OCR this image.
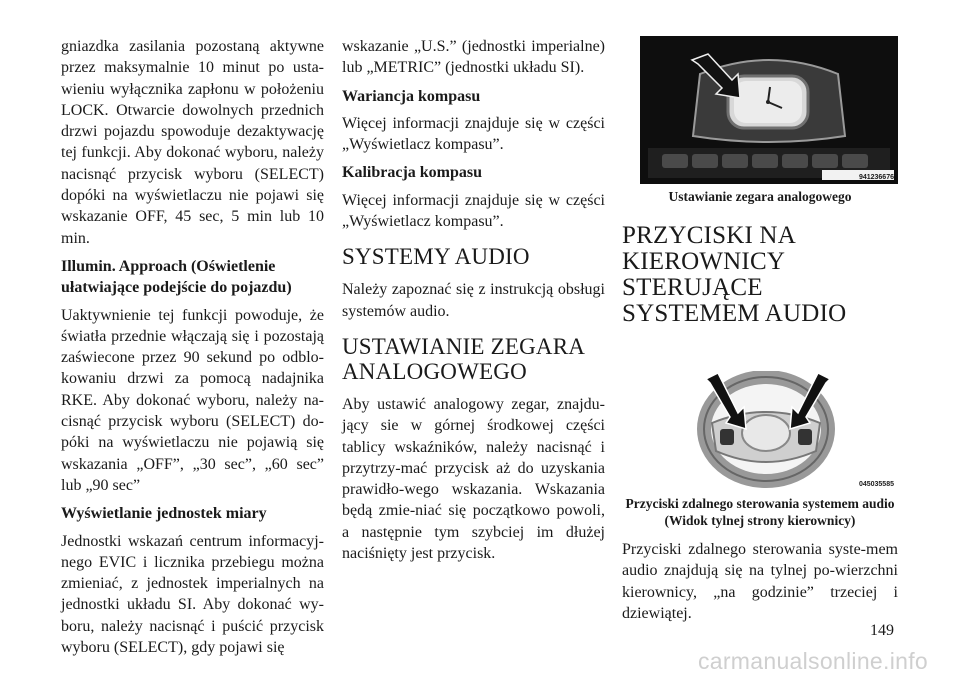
gniazdka zasilania pozostaną aktywne przez maksymalnie 10 minut po usta-wieniu wyłącznika zapłonu w położeniu LOCK. Otwarcie dowolnych przednich drzwi pojazdu spowoduje dezaktywację tej funkcji. Aby dokonać wyboru, należy nacisnąć przycisk wyboru (SELECT) dopóki na wyświetlaczu nie pojawi się wskazanie OFF, 45 sec, 5 min lub 10 min.

Illumin. Approach (Oświetlenie ułatwiające podejście do pojazdu)

Uaktywnienie tej funkcji powoduje, że światła przednie włączają się i pozostają zaświecone przez 90 sekund po odblo-kowaniu drzwi za pomocą nadajnika RKE. Aby dokonać wyboru, należy na-cisnąć przycisk wyboru (SELECT) do-póki na wyświetlaczu nie pojawią się wskazania „OFF”, „30 sec”, „60 sec” lub „90 sec”

Wyświetlanie jednostek miary

Jednostki wskazań centrum informacyj-nego EVIC i licznika przebiegu można zmieniać, z jednostek imperialnych na jednostki układu SI. Aby dokonać wy-boru, należy nacisnąć i puścić przycisk wyboru (SELECT), gdy pojawi się

wskazanie „U.S.” (jednostki imperialne) lub „METRIC” (jednostki układu SI).

Wariancja kompasu

Więcej informacji znajduje się w części „Wyświetlacz kompasu”.

Kalibracja kompasu

Więcej informacji znajduje się w części „Wyświetlacz kompasu”.

SYSTEMY AUDIO

Należy zapoznać się z instrukcją obsługi systemów audio.

USTAWIANIE ZEGARA ANALOGOWEGO

Aby ustawić analogowy zegar, znajdu-jący sie w górnej środkowej części tablicy wskaźników, należy nacisnąć i przytrzy-mać przycisk aż do uzyskania prawidło-wego wskazania. Wskazania będą zmie-niać się początkowo powoli, a następnie tym szybciej im dłużej naciśnięty jest przycisk.

941236676
Ustawianie zegara analogowego
PRZYCISKI NA KIEROWNICY STERUJĄCE SYSTEMEM AUDIO
045035585
Przyciski zdalnego sterowania systemem audio (Widok tylnej strony kierownicy)

Przyciski zdalnego sterowania syste-mem audio znajdują się na tylnej po-wierzchni kierownicy, „na godzinie” trzeciej i dziewiątej.

149
carmanualsonline.info
